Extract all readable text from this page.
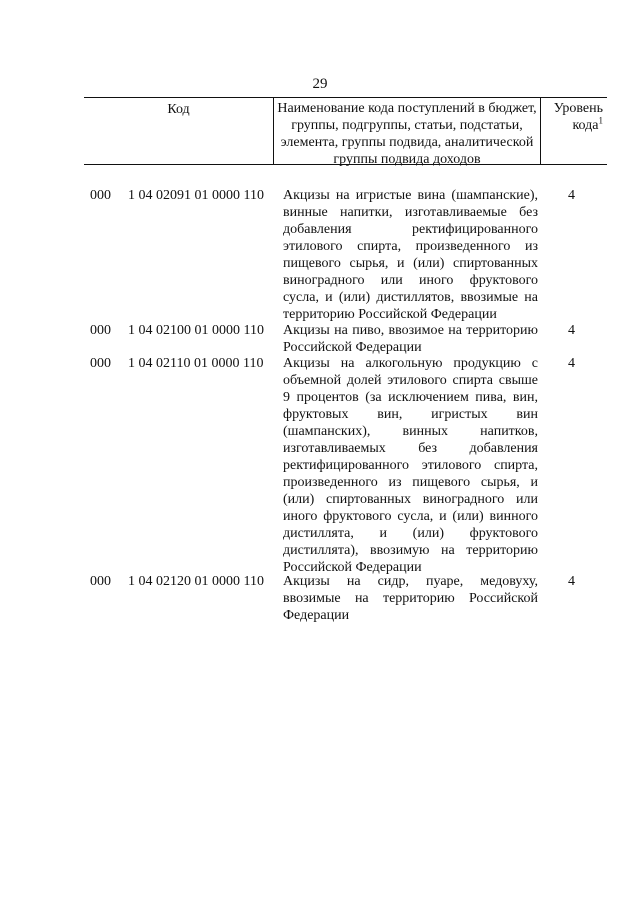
29
Код	Наименование кода поступлений в бюджет, группы, подгруппы, статьи, подстатьи, элемента, группы подвида, аналитической группы подвида доходов
Уровень кода$^1$
000 1 04 02091 01 0000 110 Акцизы на игристые вина (шампанские), винные напитки, изготавливаемые без добавления ректифицированного этилового спирта, произведенного из пищевого сырья, и (или) спиртованных виноградного или иного фруктового сусла, и (или) дистиллятов, ввозимые на территорию Российской Федерации
4
000 1 04 02100 01 0000 110 Акцизы на пиво, ввозимое на территорию Российской Федерации
4
000 1 04 02110 01 0000 110 Акцизы на алкогольную продукцию с объемной долей этилового спирта свыше 9 процентов (за исключением пива, вин, фруктовых вин, игристых вин (шампанских), винных напитков, изготавливаемых без добавления ректифицированного этилового спирта, произведенного из пищевого сырья, и (или) спиртованных виноградного или иного фруктового сусла, и (или) винного дистиллята, и (или) фруктового дистиллята), ввозимую на территорию Российской Федерации
4
000 1 04 02120 01 0000 110 Акцизы на сидр, пуаре, медовуху, ввозимые на территорию Российской Федерации
4
